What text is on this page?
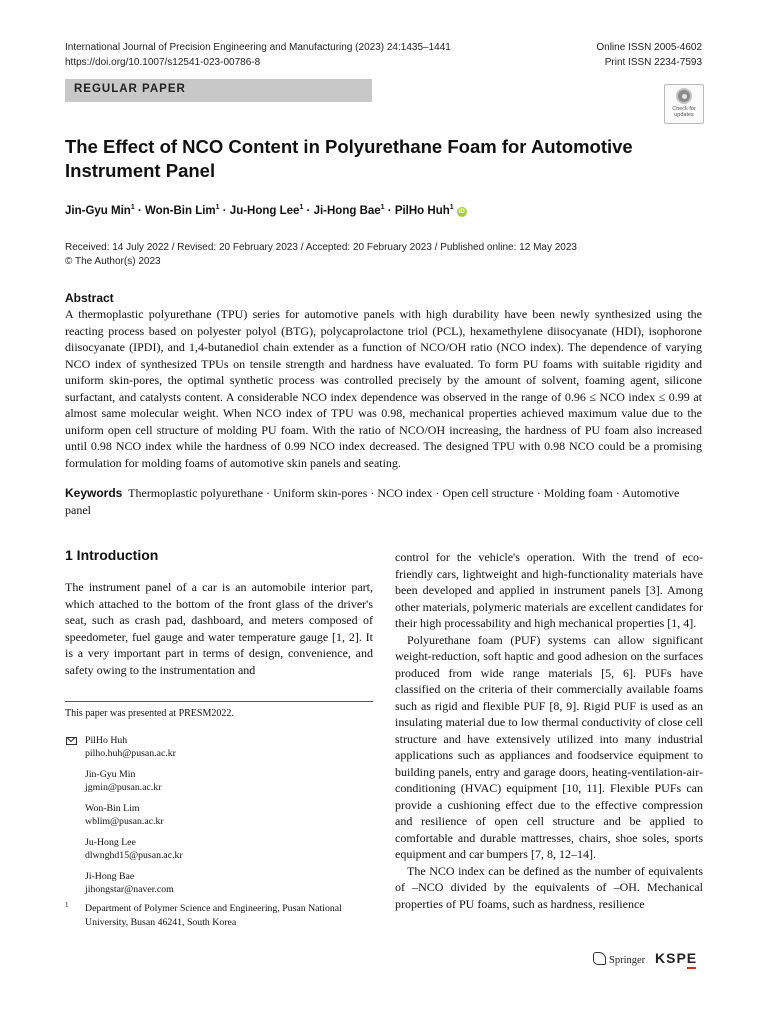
International Journal of Precision Engineering and Manufacturing (2023) 24:1435–1441
https://doi.org/10.1007/s12541-023-00786-8
Online ISSN 2005-4602
Print ISSN 2234-7593
REGULAR PAPER
Check for updates
The Effect of NCO Content in Polyurethane Foam for Automotive Instrument Panel
Jin-Gyu Min$^1$ · Won-Bin Lim$^1$ · Ju-Hong Lee$^1$ · Ji-Hong Bae$^1$ · PilHo Huh$^1$ iD
Received: 14 July 2022 / Revised: 20 February 2023 / Accepted: 20 February 2023 / Published online: 12 May 2023
© The Author(s) 2023
Abstract
A thermoplastic polyurethane (TPU) series for automotive panels with high durability have been newly synthesized using the reacting process based on polyester polyol (BTG), polycaprolactone triol (PCL), hexamethylene diisocyanate (HDI), isophorone diisocyanate (IPDI), and 1,4-butanediol chain extender as a function of NCO/OH ratio (NCO index). The dependence of varying NCO index of synthesized TPUs on tensile strength and hardness have evaluated. To form PU foams with suitable rigidity and uniform skin-pores, the optimal synthetic process was controlled precisely by the amount of solvent, foaming agent, silicone surfactant, and catalysts content. A considerable NCO index dependence was observed in the range of 0.96 ≤ NCO index ≤ 0.99 at almost same molecular weight. When NCO index of TPU was 0.98, mechanical properties achieved maximum value due to the uniform open cell structure of molding PU foam. With the ratio of NCO/OH increasing, the hardness of PU foam also increased until 0.98 NCO index while the hardness of 0.99 NCO index decreased. The designed TPU with 0.98 NCO could be a promising formulation for molding foams of automotive skin panels and seating.
Keywords Thermoplastic polyurethane · Uniform skin-pores · NCO index · Open cell structure · Molding foam · Automotive panel
1 Introduction

The instrument panel of a car is an automobile interior part, which attached to the bottom of the front glass of the driver's seat, such as crash pad, dashboard, and meters composed of speedometer, fuel gauge and water temperature gauge [1, 2]. It is a very important part in terms of design, convenience, and safety owing to the instrumentation and

This paper was presented at PRESM2022.
PilHo Huh
pilho.huh@pusan.ac.kr
Jin-Gyu Min
jgmin@pusan.ac.kr
Won-Bin Lim
wblim@pusan.ac.kr
Ju-Hong Lee
dlwnghd15@pusan.ac.kr
Ji-Hong Bae
jihongstar@naver.com
1	Department of Polymer Science and Engineering, Pusan National University, Busan 46241, South Korea

control for the vehicle's operation. With the trend of eco-friendly cars, lightweight and high-functionality materials have been developed and applied in instrument panels [3]. Among other materials, polymeric materials are excellent candidates for their high processability and high mechanical properties [1, 4].

Polyurethane foam (PUF) systems can allow significant weight-reduction, soft haptic and good adhesion on the surfaces produced from wide range materials [5, 6]. PUFs have classified on the criteria of their commercially available foams such as rigid and flexible PUF [8, 9]. Rigid PUF is used as an insulating material due to low thermal conductivity of close cell structure and have extensively utilized into many industrial applications such as appliances and foodservice equipment to building panels, entry and garage doors, heating-ventilation-air-conditioning (HVAC) equipment [10, 11]. Flexible PUFs can provide a cushioning effect due to the effective compression and resilience of open cell structure and be applied to comfortable and durable mattresses, chairs, shoe soles, sports equipment and car bumpers [7, 8, 12–14].

The NCO index can be defined as the number of equivalents of –NCO divided by the equivalents of –OH. Mechanical properties of PU foams, such as hardness, resilience

Springer KSPE
